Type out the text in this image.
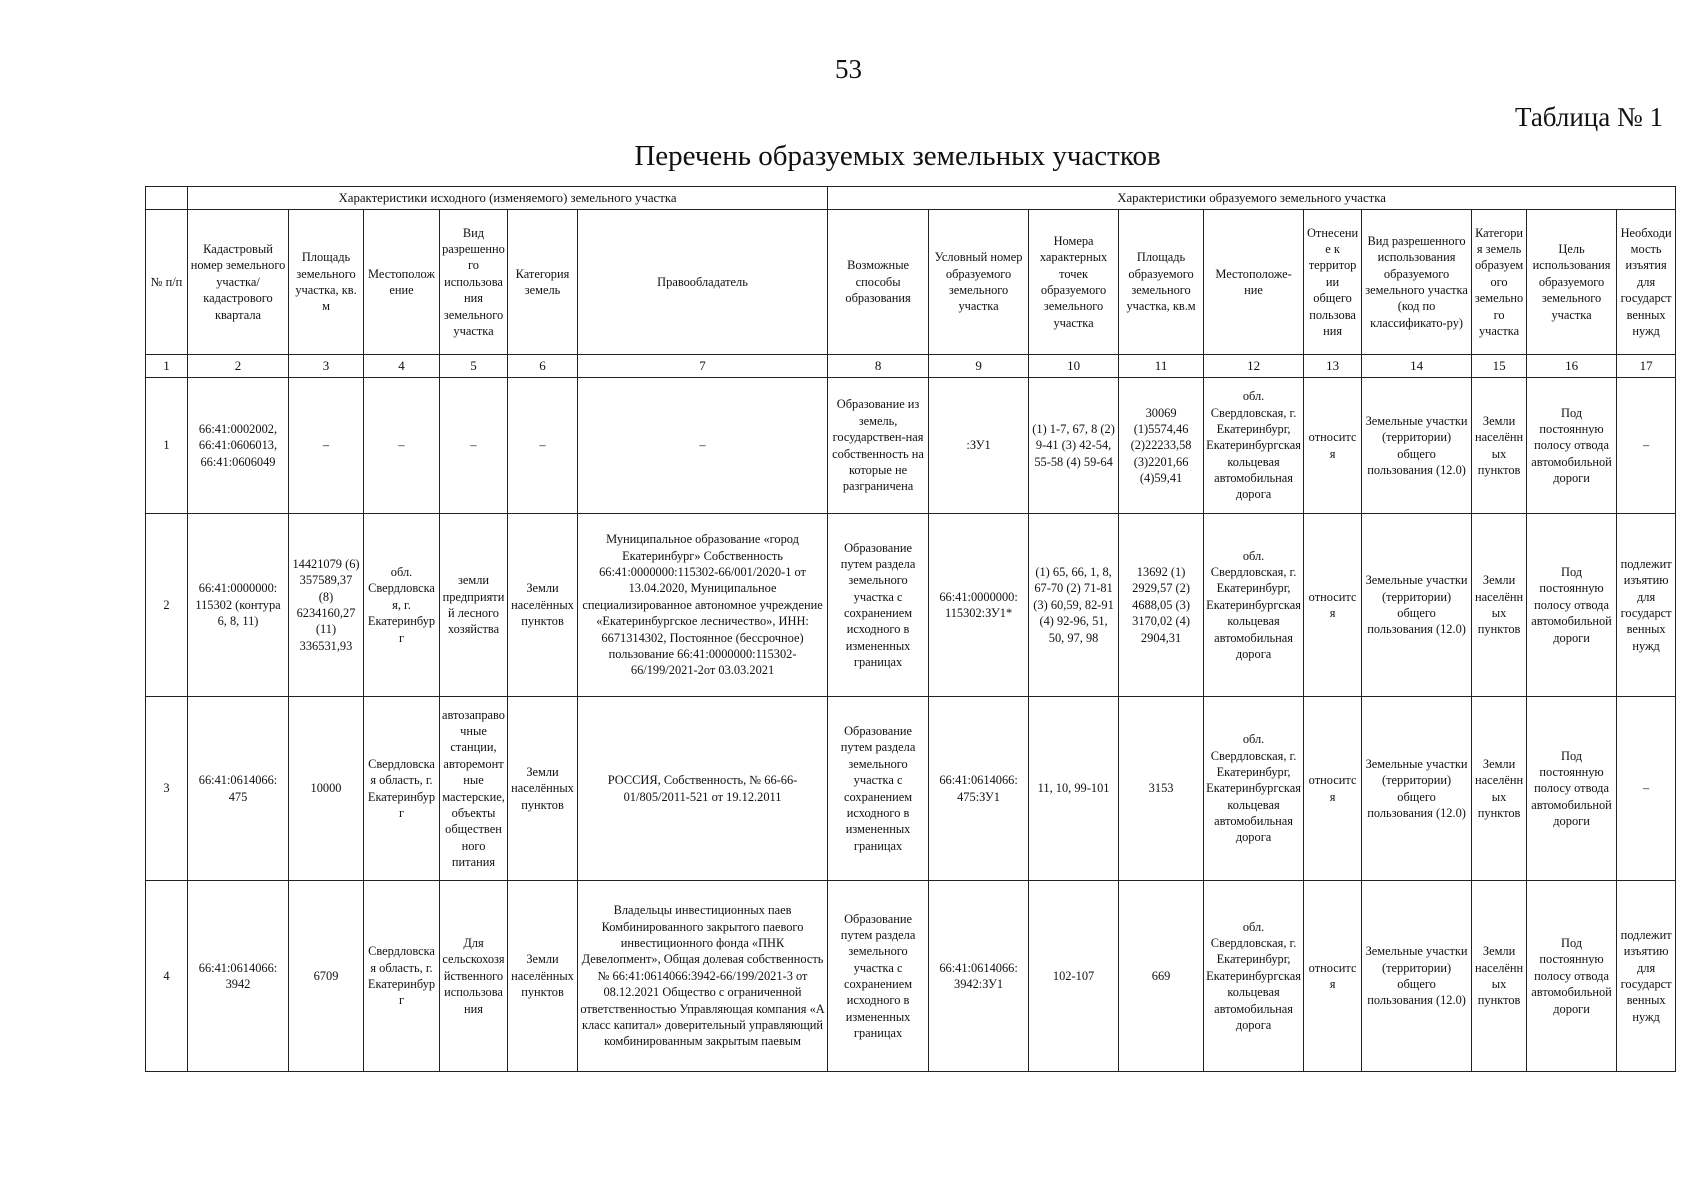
53
Таблица № 1
Перечень образуемых земельных участков
	Характеристики исходного (изменяемого) земельного участка						Характеристики образуемого земельного участка									
№ п/п	Кадастровый номер земельного участка/ кадастрового квартала	Площадь земельного участка, кв. м	Местоположение	Вид разрешенного использования земельного участка	Категория земель	Правообладатель	Возможные способы образования	Условный номер образуемого земельного участка	Номера характерных точек образуемого земельного участка	Площадь образуемого земельного участка, кв.м	Местоположе-ние	Отнесение к территории общего пользования	Вид разрешенного использования образуемого земельного участка (код по классификато-ру)	Категория земель образуемого земельного участка	Цель использования образуемого земельного участка	Необходимость изъятия для государственных нужд
1	2	3	4	5	6	7	8	9	10	11	12	13	14	15	16	17
1	66:41:0002002, 66:41:0606013, 66:41:0606049	–	–	–	–	–	Образование из земель, государствен-ная собственность на которые не разграничена	:ЗУ1	(1) 1-7, 67, 8 (2) 9-41 (3) 42-54, 55-58 (4) 59-64	30069 (1)5574,46 (2)22233,58 (3)2201,66 (4)59,41	обл. Свердловская, г. Екатеринбург, Екатеринбургская кольцевая автомобильная дорога	относится	Земельные участки (территории) общего пользования (12.0)	Земли населённых пунктов	Под постоянную полосу отвода автомобильной дороги	–
2	66:41:0000000: 115302 (контура 6, 8, 11)	14421079 (6) 357589,37 (8) 6234160,27 (11) 336531,93	обл. Свердловская, г. Екатеринбург	земли предприятий лесного хозяйства	Земли населённых пунктов	Муниципальное образование «город Екатеринбург» Собственность 66:41:0000000:115302-66/001/2020-1 от 13.04.2020, Муниципальное специализированное автономное учреждение «Екатеринбургское лесничество», ИНН: 6671314302, Постоянное (бессрочное) пользование 66:41:0000000:115302-66/199/2021-2от 03.03.2021	Образование путем раздела земельного участка с сохранением исходного в измененных границах	66:41:0000000: 115302:ЗУ1*	(1) 65, 66, 1, 8, 67-70 (2) 71-81 (3) 60,59, 82-91 (4) 92-96, 51, 50, 97, 98	13692 (1) 2929,57 (2) 4688,05 (3) 3170,02 (4) 2904,31	обл. Свердловская, г. Екатеринбург, Екатеринбургская кольцевая автомобильная дорога	относится	Земельные участки (территории) общего пользования (12.0)	Земли населённых пунктов	Под постоянную полосу отвода автомобильной дороги	подлежит изъятию для государственных нужд
3	66:41:0614066: 475	10000	Свердловская область, г. Екатеринбург	автозаправочные станции, авторемонтные мастерские, объекты общественного питания	Земли населённых пунктов	РОССИЯ, Собственность, № 66-66-01/805/2011-521 от 19.12.2011	Образование путем раздела земельного участка с сохранением исходного в измененных границах	66:41:0614066: 475:ЗУ1	11, 10, 99-101	3153	обл. Свердловская, г. Екатеринбург, Екатеринбургская кольцевая автомобильная дорога	относится	Земельные участки (территории) общего пользования (12.0)	Земли населённых пунктов	Под постоянную полосу отвода автомобильной дороги	–
4	66:41:0614066: 3942	6709	Свердловская область, г. Екатеринбург	Для сельскохозяйственного использования	Земли населённых пунктов	Владельцы инвестиционных паев Комбинированного закрытого паевого инвестиционного фонда «ПНК Девелопмент», Общая долевая собственность № 66:41:0614066:3942-66/199/2021-3 от 08.12.2021 Общество с ограниченной ответственностью Управляющая компания «А класс капитал» доверительный управляющий комбинированным закрытым паевым	Образование путем раздела земельного участка с сохранением исходного в измененных границах	66:41:0614066: 3942:ЗУ1	102-107	669	обл. Свердловская, г. Екатеринбург, Екатеринбургская кольцевая автомобильная дорога	относится	Земельные участки (территории) общего пользования (12.0)	Земли населённых пунктов	Под постоянную полосу отвода автомобильной дороги	подлежит изъятию для государственных нужд
